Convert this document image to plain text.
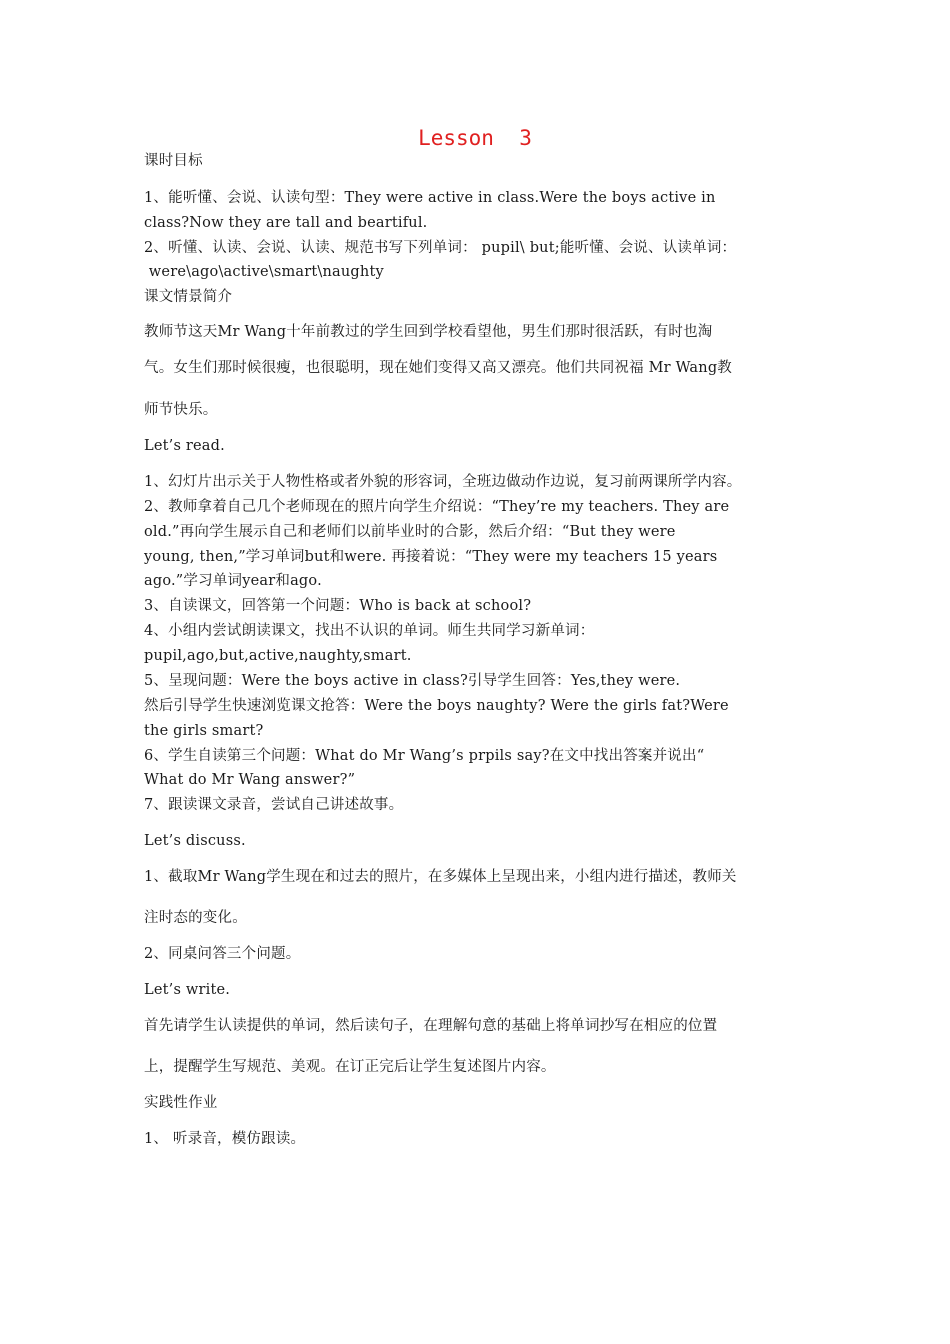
Lesson  3
课时目标
1、能听懂、会说、认读句型：They were active in class.Were the boys active in
class?Now they are tall and beartiful.
2、听懂、认读、会说、认读、规范书写下列单词： pupil\ but;能听懂、会说、认读单词：
were\ago\active\smart\naughty
课文情景简介
教师节这天Mr Wang十年前教过的学生回到学校看望他，男生们那时很活跃，有时也淘
气。女生们那时候很瘦，也很聪明，现在她们变得又高又漂亮。他们共同祝福 Mr Wang教
师节快乐。
Let’s read.
1、幻灯片出示关于人物性格或者外貌的形容词，全班边做动作边说，复习前两课所学内容。
2、教师拿着自己几个老师现在的照片向学生介绍说：“They’re my teachers. They are
old.”再向学生展示自己和老师们以前毕业时的合影，然后介绍：“But they were
young, then,”学习单词but和were. 再接着说：“They were my teachers 15 years
ago.”学习单词year和ago.
3、自读课文，回答第一个问题：Who is back at school?
4、小组内尝试朗读课文，找出不认识的单词。师生共同学习新单词：
pupil,ago,but,active,naughty,smart.
5、呈现问题：Were the boys active in class?引导学生回答：Yes,they were.
然后引导学生快速浏览课文抢答：Were the boys naughty? Were the girls fat?Were
the girls smart?
6、学生自读第三个问题：What do Mr Wang’s prpils say?在文中找出答案并说出“
What do Mr Wang answer?”
7、跟读课文录音，尝试自己讲述故事。
Let’s discuss.
1、截取Mr Wang学生现在和过去的照片，在多媒体上呈现出来，小组内进行描述，教师关
注时态的变化。
2、同桌问答三个问题。
Let’s write.
首先请学生认读提供的单词，然后读句子，在理解句意的基础上将单词抄写在相应的位置
上，提醒学生写规范、美观。在订正完后让学生复述图片内容。
实践性作业
1、 听录音，模仿跟读。
